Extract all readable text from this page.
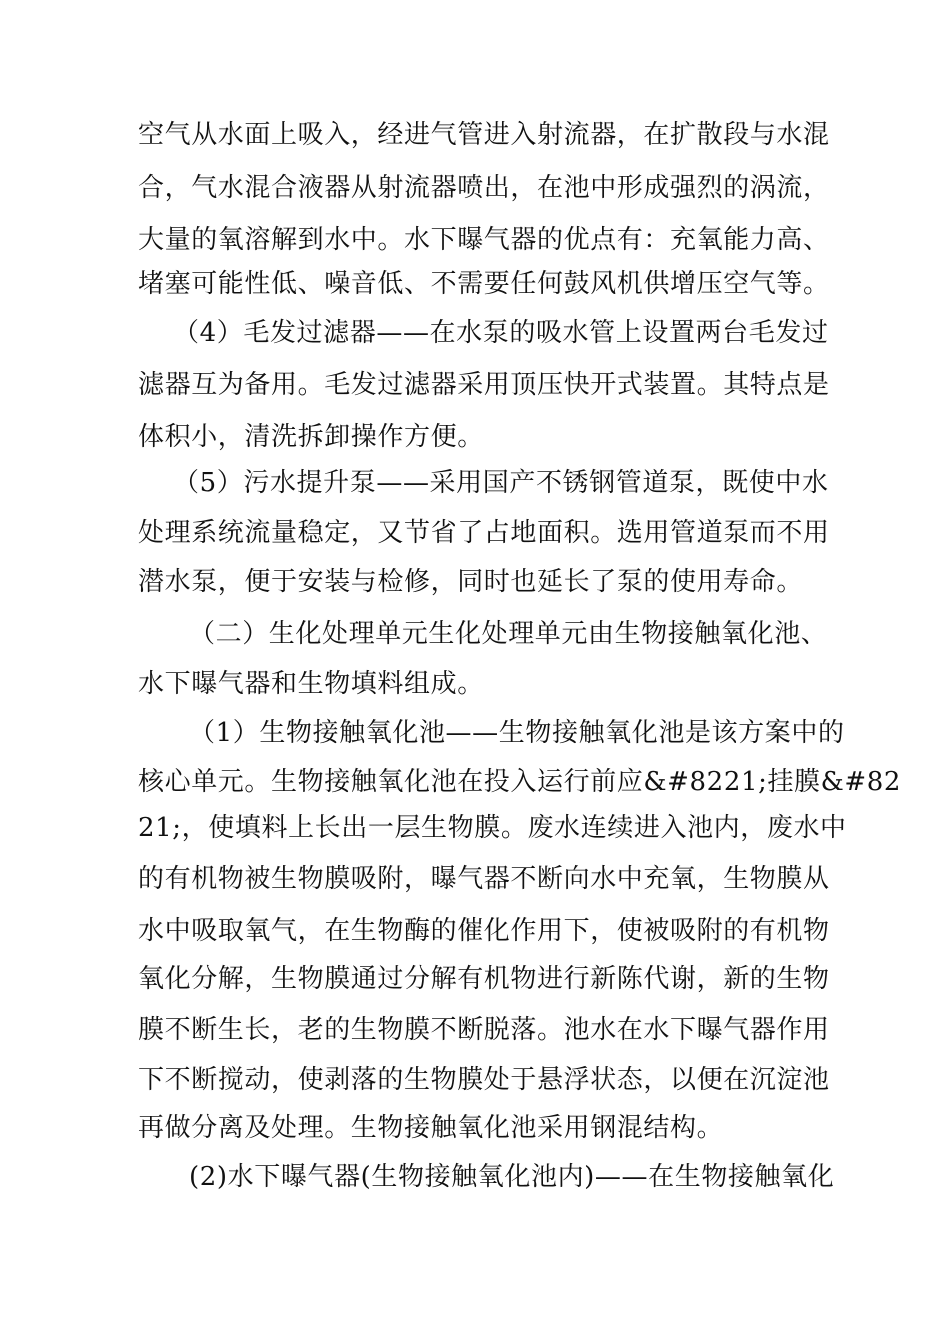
空气从水面上吸入，经进气管进入射流器，在扩散段与水混
合，气水混合液器从射流器喷出，在池中形成强烈的涡流，
大量的氧溶解到水中。水下曝气器的优点有：充氧能力高、
堵塞可能性低、噪音低、不需要任何鼓风机供增压空气等。
（4）毛发过滤器——在水泵的吸水管上设置两台毛发过
滤器互为备用。毛发过滤器采用顶压快开式装置。其特点是
体积小，清洗拆卸操作方便。
（5）污水提升泵——采用国产不锈钢管道泵，既使中水
处理系统流量稳定，又节省了占地面积。选用管道泵而不用
潜水泵，便于安装与检修，同时也延长了泵的使用寿命。
（二）生化处理单元生化处理单元由生物接触氧化池、
水下曝气器和生物填料组成。
（1）生物接触氧化池——生物接触氧化池是该方案中的
核心单元。生物接触氧化池在投入运行前应&#8221;挂膜&#82
21;，使填料上长出一层生物膜。废水连续进入池内，废水中
的有机物被生物膜吸附，曝气器不断向水中充氧，生物膜从
水中吸取氧气，在生物酶的催化作用下，使被吸附的有机物
氧化分解，生物膜通过分解有机物进行新陈代谢，新的生物
膜不断生长，老的生物膜不断脱落。池水在水下曝气器作用
下不断搅动，使剥落的生物膜处于悬浮状态，以便在沉淀池
再做分离及处理。生物接触氧化池采用钢混结构。
(2)水下曝气器(生物接触氧化池内)——在生物接触氧化
